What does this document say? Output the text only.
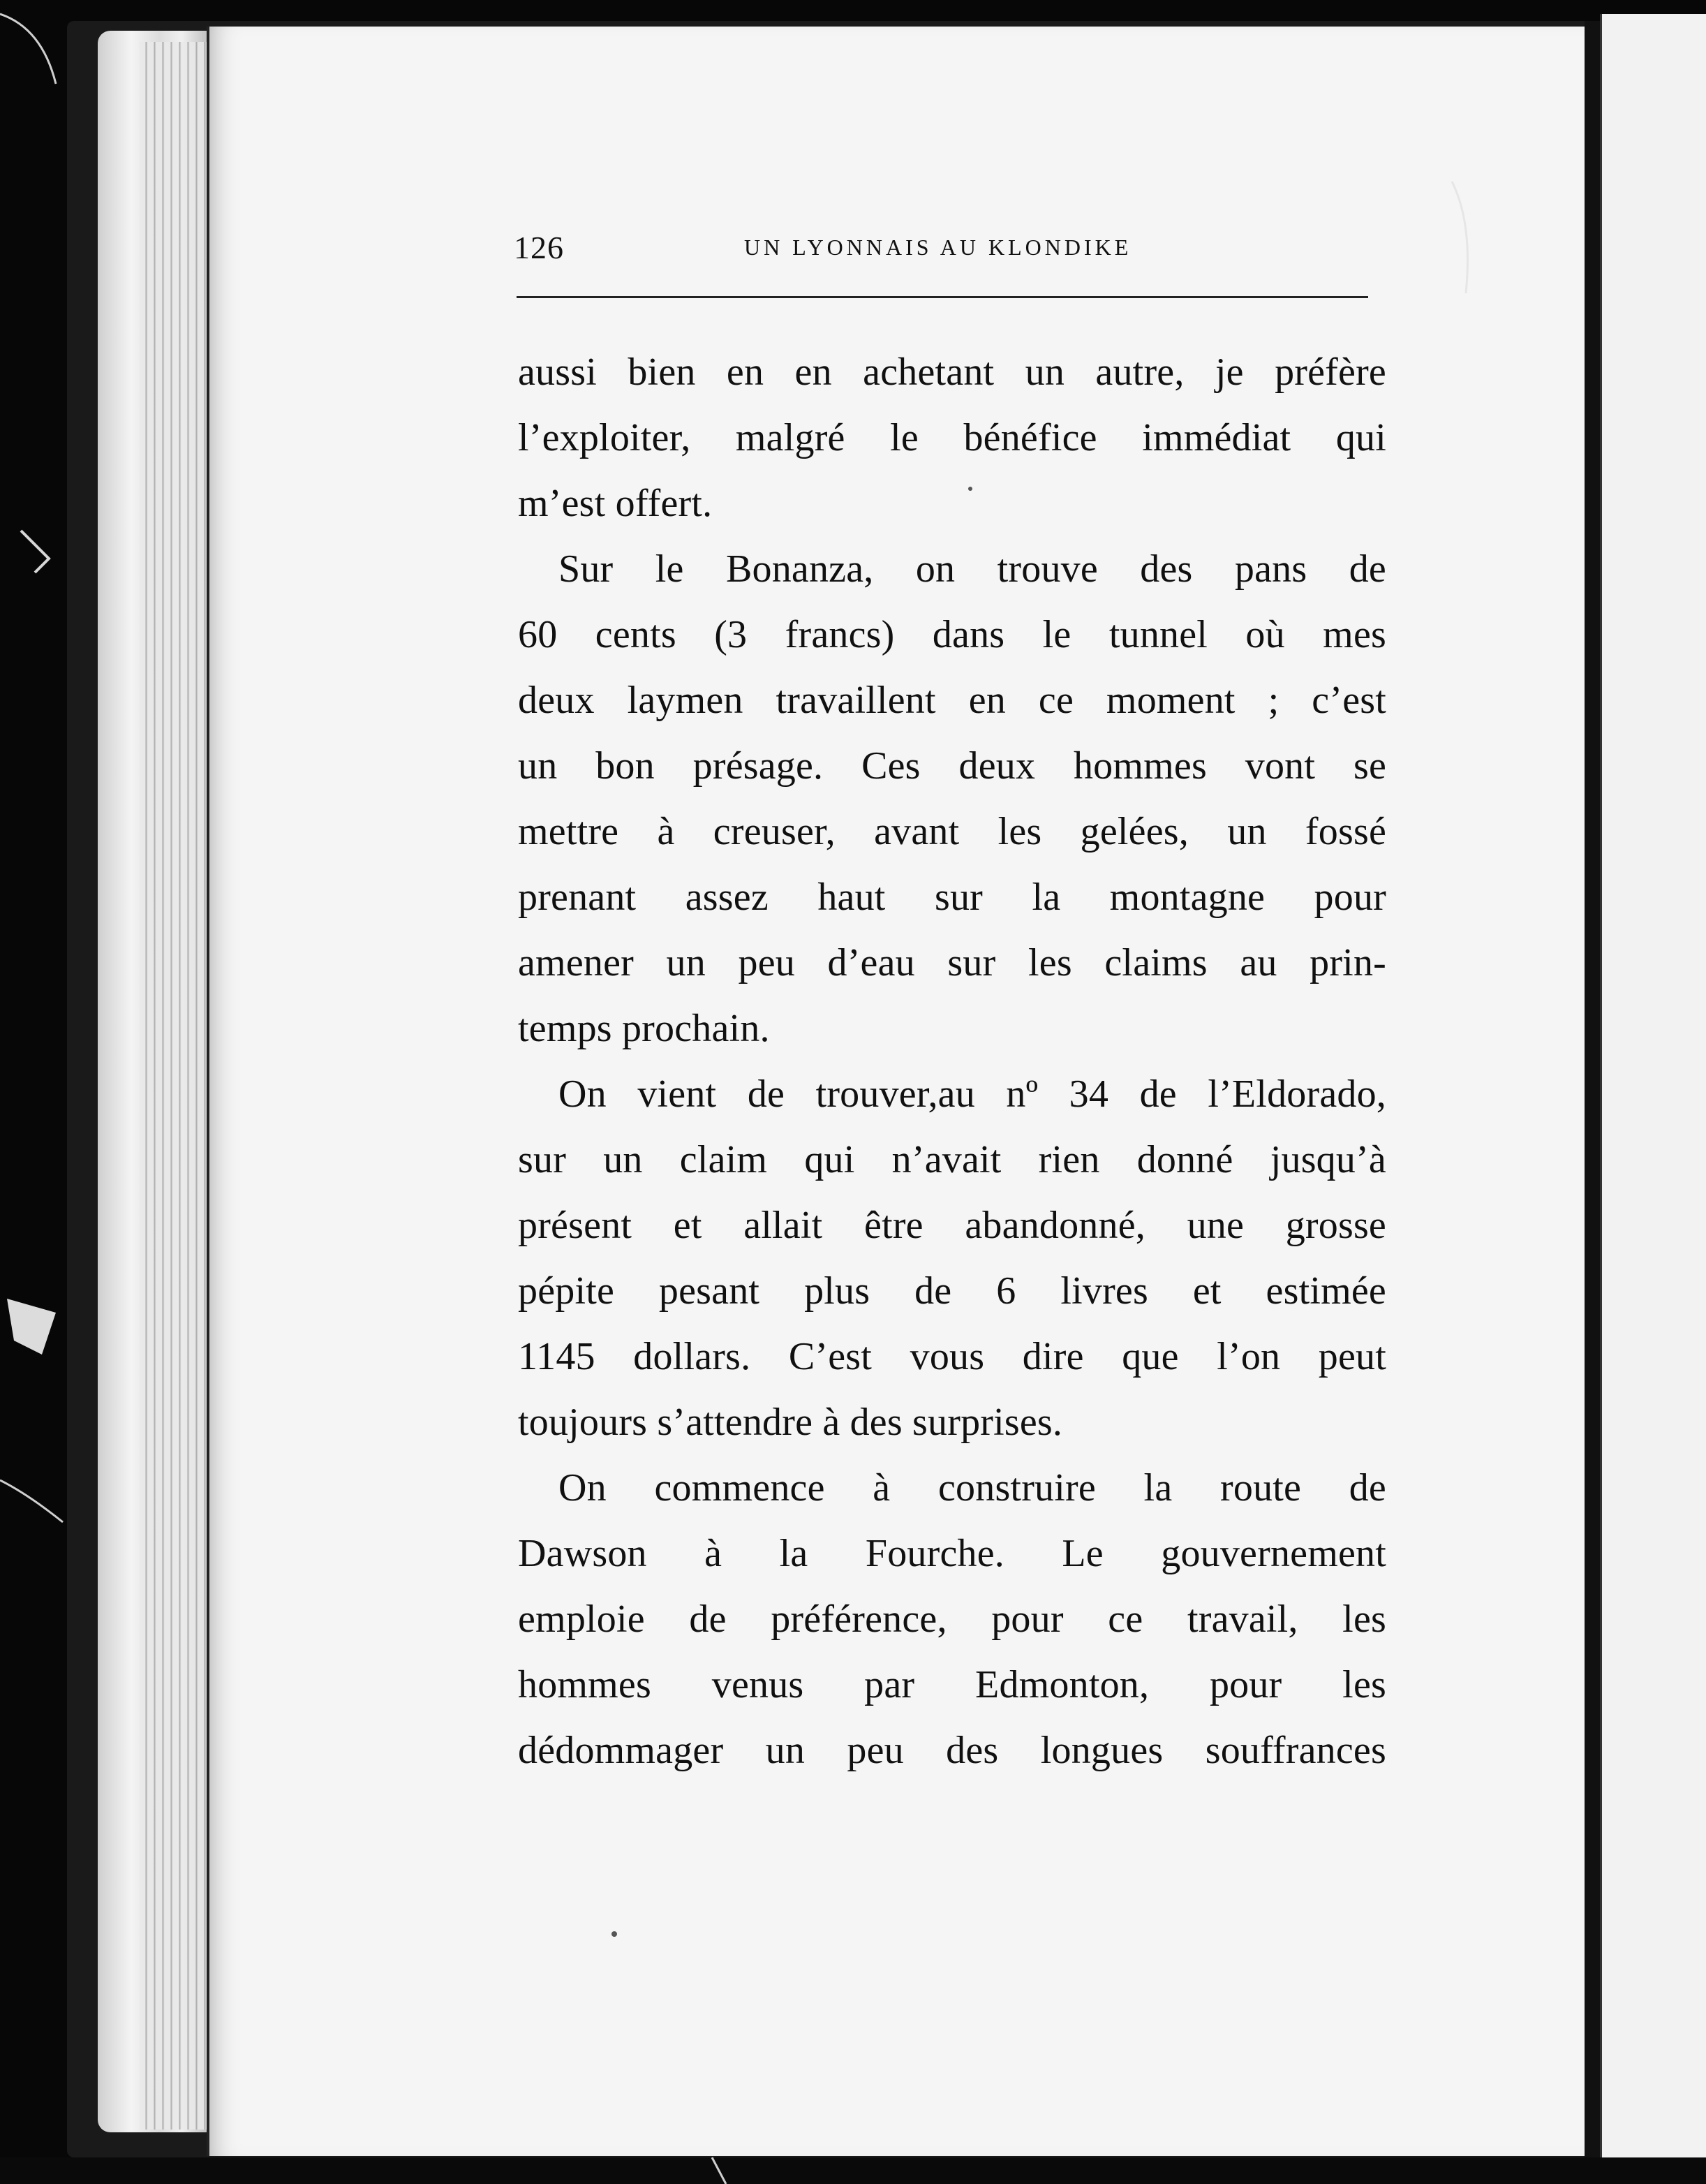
126	UN LYONNAIS AU KLONDIKE
aussi bien en en achetant un autre, je préfère
l’exploiter, malgré le bénéfice immédiat qui
m’est offert.
Sur le Bonanza, on trouve des pans de
60 cents (3 francs) dans le tunnel où mes
deux laymen travaillent en ce moment ; c’est
un bon présage. Ces deux hommes vont se
mettre à creuser, avant les gelées, un fossé
prenant assez haut sur la montagne pour
amener un peu d’eau sur les claims au prin-
temps prochain.
On vient de trouver,au nº 34 de l’Eldorado,
sur un claim qui n’avait rien donné jusqu’à
présent et allait être abandonné, une grosse
pépite pesant plus de 6 livres et estimée
1145 dollars. C’est vous dire que l’on peut
toujours s’attendre à des surprises.
On commence à construire la route de
Dawson à la Fourche. Le gouvernement
emploie de préférence, pour ce travail, les
hommes venus par Edmonton, pour les
dédommager un peu des longues souffrances
